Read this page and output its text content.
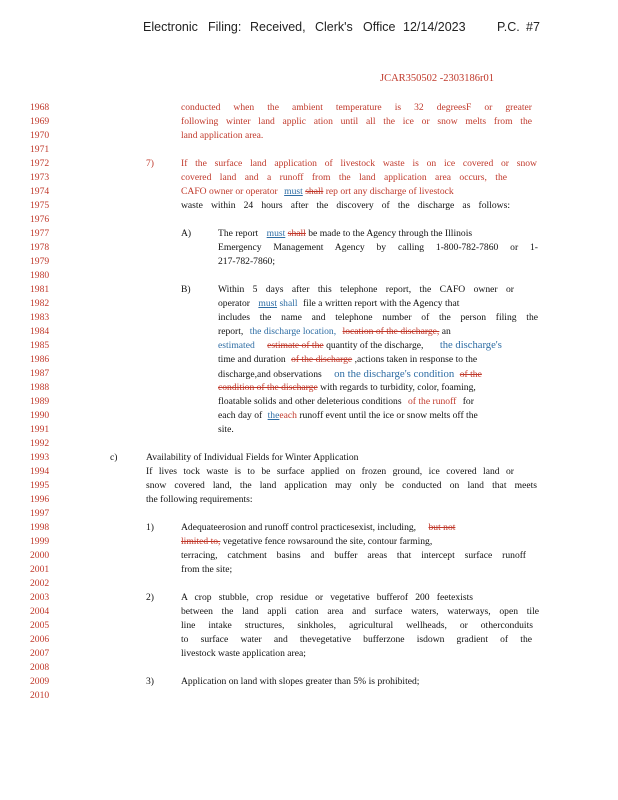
Electronic Filing: Received, Clerk's Office 12/14/2023	P.C. #7
JCAR350502 -2303186r01
1968
1969
1970
1971
1972
1973
1974
1975
1976
1977
1978
1979
1980
1981
1982
1983
1984
1985
1986
1987
1988
1989
1990
1991
1992
1993
1994
1995
1996
1997
1998
1999
2000
2001
2002
2003
2004
2005
2006
2007
2008
2009
2010
conducted when the ambient temperature is 32 degreesF or greater
following winter land applic ation until all the ice or snow melts from the
land application area.
7)	If the surface land application of livestock waste is on ice covered or snow
covered land and a runoff from the land application area occurs, the
CAFO owner or operator must shall rep ort any discharge of livestock
waste within 24 hours after the discovery of the discharge as follows:
A)	The report must shall be made to the Agency through the Illinois
Emergency Management Agency by calling 1-800-782-7860 or 1-
217-782-7860;
B)	Within 5 days after this telephone report, the CAFO owner or
operator must shall file a written report with the Agency that
includes the name and telephone number of the person filing the
report, the discharge location, location of the discharge, an
estimated estimate of the quantity of the discharge, the discharge's
time and duration of the discharge ,actions taken in response to the
discharge,and observations on the discharge's condition of the
condition of the discharge with regards to turbidity, color, foaming,
floatable solids and other deleterious conditions of the runoff for
each day of theeach runoff event until the ice or snow melts off the
site.
c)	Availability of Individual Fields for Winter Application
If lives tock waste is to be surface applied on frozen ground, ice covered land or
snow covered land, the land application may only be conducted on land that meets
the following requirements:
1)	Adequateerosion and runoff control practicesexist, including, but not
limited to, vegetative fence rowsaround the site, contour farming,
terracing, catchment basins and buffer areas that intercept surface runoff
from the site;
2)	A crop stubble, crop residue or vegetative bufferof 200 feetexists
between the land appli cation area and surface waters, waterways, open tile
line intake structures, sinkholes, agricultural wellheads, or otherconduits
to surface water and thevegetative bufferzone isdown gradient of the
livestock waste application area;
3)	Application on land with slopes greater than 5% is prohibited;
